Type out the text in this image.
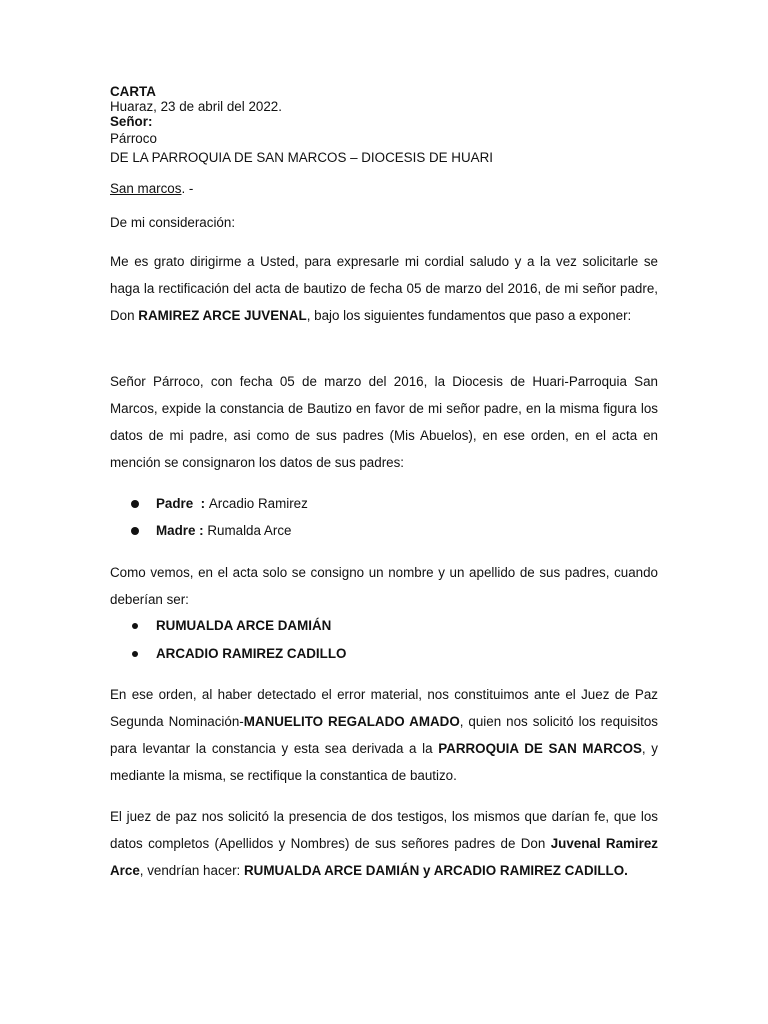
CARTA
Huaraz, 23 de abril del 2022.
Señor:
Párroco
DE LA PARROQUIA DE SAN MARCOS – DIOCESIS DE HUARI
San marcos. -
De mi consideración:
Me es grato dirigirme a Usted, para expresarle mi cordial saludo y a la vez solicitarle se haga la rectificación del acta de bautizo de fecha 05 de marzo del 2016, de mi señor padre, Don RAMIREZ ARCE JUVENAL, bajo los siguientes fundamentos que paso a exponer:
Señor Párroco, con fecha 05 de marzo del 2016, la Diocesis de Huari-Parroquia San Marcos, expide la constancia de Bautizo en favor de mi señor padre, en la misma figura los datos de mi padre, asi como de sus padres (Mis Abuelos), en ese orden, en el acta en mención se consignaron los datos de sus padres:
Padre  : Arcadio Ramirez
Madre : Rumalda Arce
Como vemos, en el acta solo se consigno un nombre y un apellido de sus padres, cuando deberían ser:
RUMUALDA ARCE DAMIÁN
ARCADIO RAMIREZ CADILLO
En ese orden, al haber detectado el error material, nos constituimos ante el Juez de Paz Segunda Nominación-MANUELITO REGALADO AMADO, quien nos solicitó los requisitos para levantar la constancia y esta sea derivada a la PARROQUIA DE SAN MARCOS, y mediante la misma, se rectifique la constantica de bautizo.
El juez de paz nos solicitó la presencia de dos testigos, los mismos que darían fe, que los datos completos (Apellidos y Nombres) de sus señores padres de Don Juvenal Ramirez Arce, vendrían hacer: RUMUALDA ARCE DAMIÁN y ARCADIO RAMIREZ CADILLO.
